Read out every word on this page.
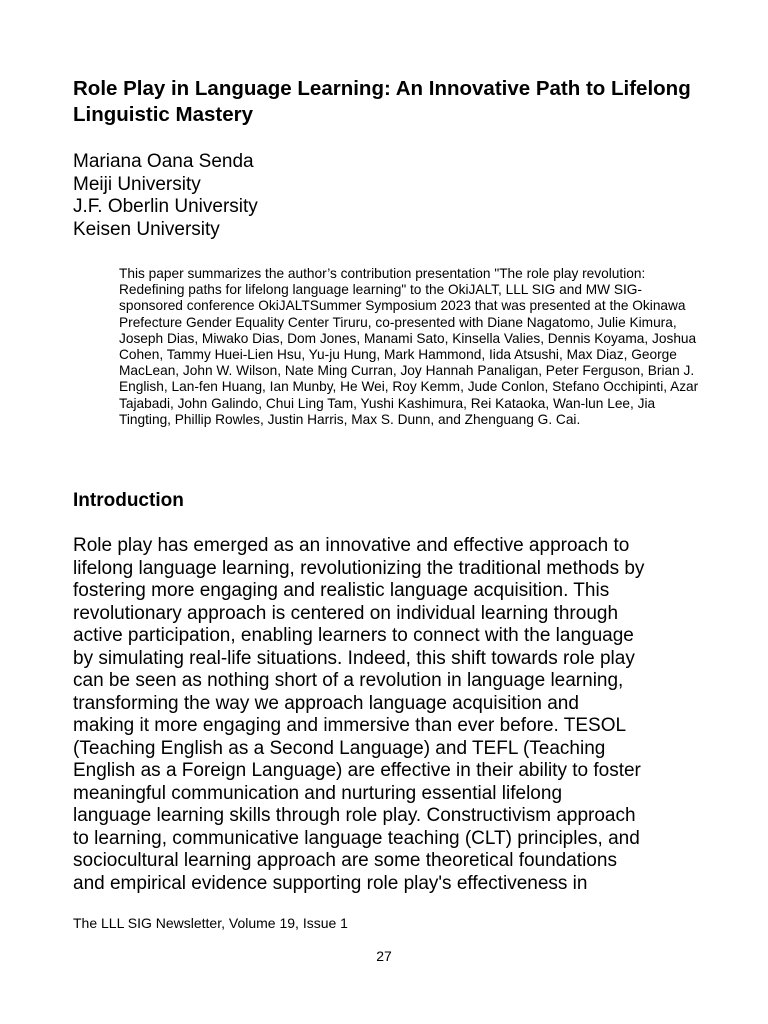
Role Play in Language Learning: An Innovative Path to Lifelong Linguistic Mastery
Mariana Oana Senda
Meiji University
J.F. Oberlin University
Keisen University

This paper summarizes the author’s contribution presentation "The role play revolution: Redefining paths for lifelong language learning" to the OkiJALT, LLL SIG and MW SIG-sponsored conference OkiJALTSummer Symposium 2023 that was presented at the Okinawa Prefecture Gender Equality Center Tiruru, co-presented with Diane Nagatomo, Julie Kimura, Joseph Dias, Miwako Dias, Dom Jones, Manami Sato, Kinsella Valies, Dennis Koyama, Joshua Cohen, Tammy Huei-Lien Hsu, Yu-ju Hung, Mark Hammond, Iida Atsushi, Max Diaz, George MacLean, John W. Wilson, Nate Ming Curran, Joy Hannah Panaligan, Peter Ferguson, Brian J. English, Lan-fen Huang, Ian Munby, He Wei, Roy Kemm, Jude Conlon, Stefano Occhipinti, Azar Tajabadi, John Galindo, Chui Ling Tam, Yushi Kashimura, Rei Kataoka, Wan-lun Lee, Jia Tingting, Phillip Rowles, Justin Harris, Max S. Dunn, and Zhenguang G. Cai.

Introduction
Role play has emerged as an innovative and effective approach to
lifelong language learning, revolutionizing the traditional methods by
fostering more engaging and realistic language acquisition. This
revolutionary approach is centered on individual learning through
active participation, enabling learners to connect with the language
by simulating real-life situations. Indeed, this shift towards role play
can be seen as nothing short of a revolution in language learning,
transforming the way we approach language acquisition and
making it more engaging and immersive than ever before. TESOL
(Teaching English as a Second Language) and TEFL (Teaching
English as a Foreign Language) are effective in their ability to foster
meaningful communication and nurturing essential lifelong
language learning skills through role play. Constructivism approach
to learning, communicative language teaching (CLT) principles, and
sociocultural learning approach are some theoretical foundations
and empirical evidence supporting role play's effectiveness in
The LLL SIG Newsletter, Volume 19, Issue 1
27
